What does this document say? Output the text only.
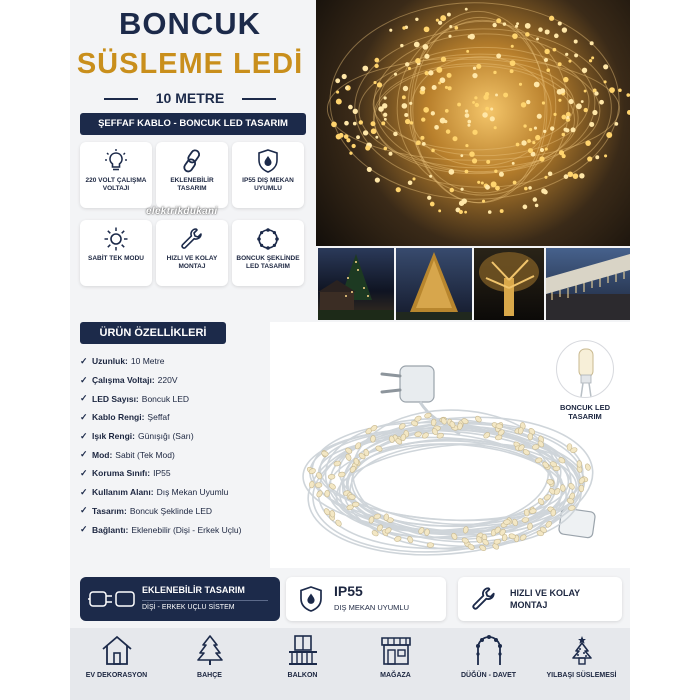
BONCUK
SÜSLEME LEDİ
10 METRE
ŞEFFAF KABLO - BONCUK LED TASARIM
220 VOLT ÇALIŞMA VOLTAJI
EKLENEBİLİR TASARIM
IP55 DIŞ MEKAN UYUMLU
SABİT TEK MODU	HIZLI VE KOLAY MONTAJ
BONCUK ŞEKLİNDE LED TASARIM
elektrikdukani
ÜRÜN ÖZELLİKLERİ
✓ Uzunluk: 10 Metre
✓ Çalışma Voltajı: 220V
✓ LED Sayısı: Boncuk LED
✓ Kablo Rengi: Şeffaf
✓ Işık Rengi: Günışığı (Sarı)
✓ Mod: Sabit (Tek Mod)
✓ Koruma Sınıfı: IP55
✓ Kullanım Alanı: Dış Mekan Uyumlu
✓ Tasarım: Boncuk Şeklinde LED
✓ Bağlantı: Eklenebilir (Dişi - Erkek Uçlu)
BONCUK LED TASARIM
EKLENEBİLİR TASARIM
DİŞİ - ERKEK UÇLU SİSTEM
IP55
DIŞ MEKAN UYUMLU
HIZLI VE KOLAY MONTAJ
EV DEKORASYON	BAHÇE	BALKON	MAĞAZA	DÜĞÜN - DAVET	YILBAŞI SÜSLEMESİ
